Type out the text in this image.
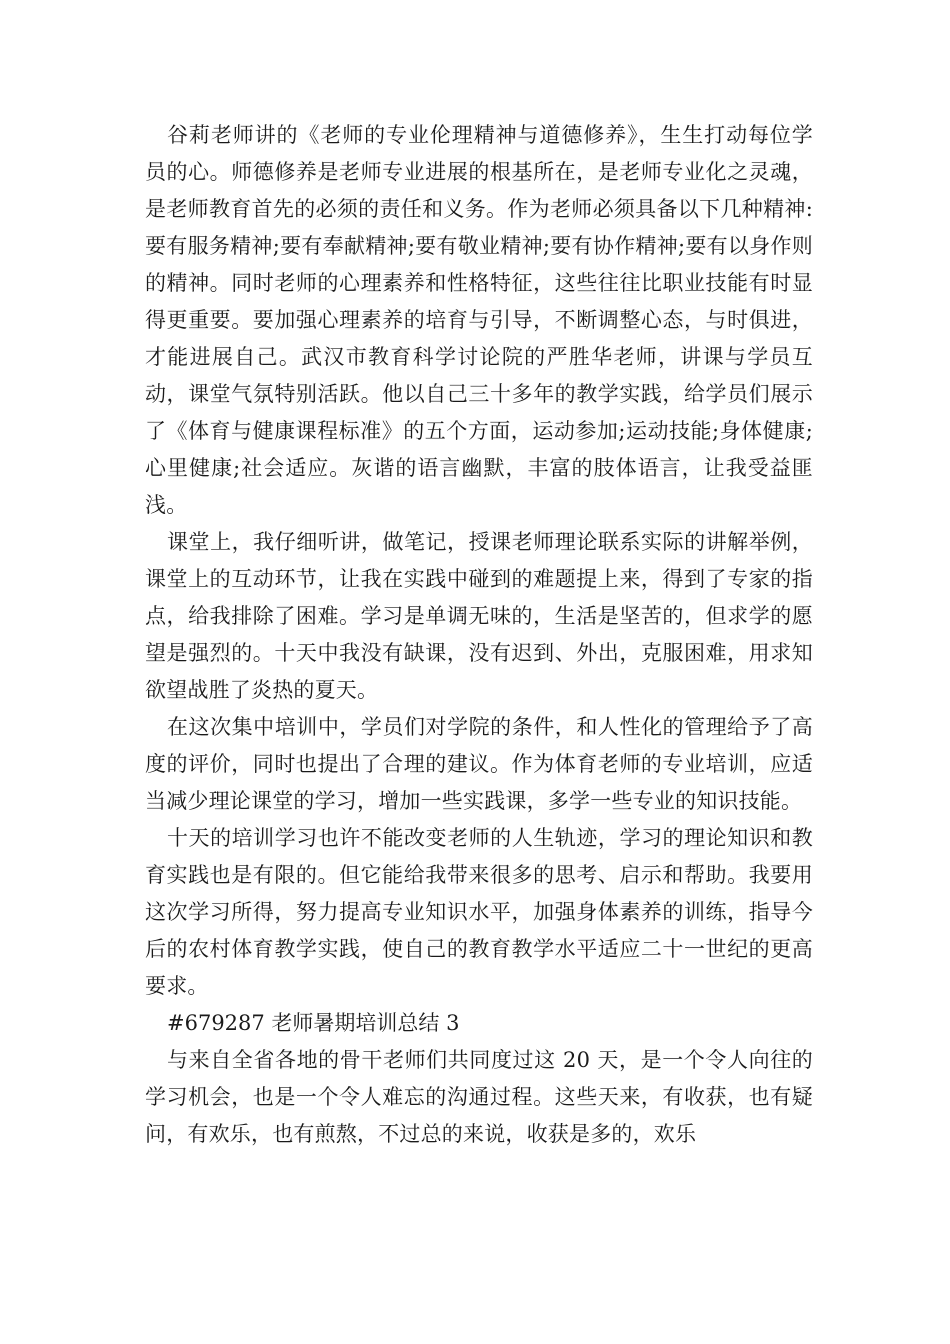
谷莉老师讲的《老师的专业伦理精神与道德修养》，生生打动每位学员的心。师德修养是老师专业进展的根基所在，是老师专业化之灵魂，是老师教育首先的必须的责任和义务。作为老师必须具备以下几种精神:要有服务精神;要有奉献精神;要有敬业精神;要有协作精神;要有以身作则的精神。同时老师的心理素养和性格特征，这些往往比职业技能有时显得更重要。要加强心理素养的培育与引导，不断调整心态，与时俱进，才能进展自己。武汉市教育科学讨论院的严胜华老师，讲课与学员互动，课堂气氛特别活跃。他以自己三十多年的教学实践，给学员们展示了《体育与健康课程标准》的五个方面，运动参加;运动技能;身体健康;心里健康;社会适应。灰谐的语言幽默，丰富的肢体语言，让我受益匪浅。

课堂上，我仔细听讲，做笔记，授课老师理论联系实际的讲解举例，课堂上的互动环节，让我在实践中碰到的难题提上来，得到了专家的指点，给我排除了困难。学习是单调无味的，生活是坚苦的，但求学的愿望是强烈的。十天中我没有缺课，没有迟到、外出，克服困难，用求知欲望战胜了炎热的夏天。

在这次集中培训中，学员们对学院的条件，和人性化的管理给予了高度的评价，同时也提出了合理的建议。作为体育老师的专业培训，应适当减少理论课堂的学习，增加一些实践课，多学一些专业的知识技能。

十天的培训学习也许不能改变老师的人生轨迹，学习的理论知识和教育实践也是有限的。但它能给我带来很多的思考、启示和帮助。我要用这次学习所得，努力提高专业知识水平，加强身体素养的训练，指导今后的农村体育教学实践，使自己的教育教学水平适应二十一世纪的更高要求。

#679287 老师暑期培训总结 3

与来自全省各地的骨干老师们共同度过这 20 天，是一个令人向往的学习机会，也是一个令人难忘的沟通过程。这些天来，有收获，也有疑问，有欢乐，也有煎熬，不过总的来说，收获是多的，欢乐
